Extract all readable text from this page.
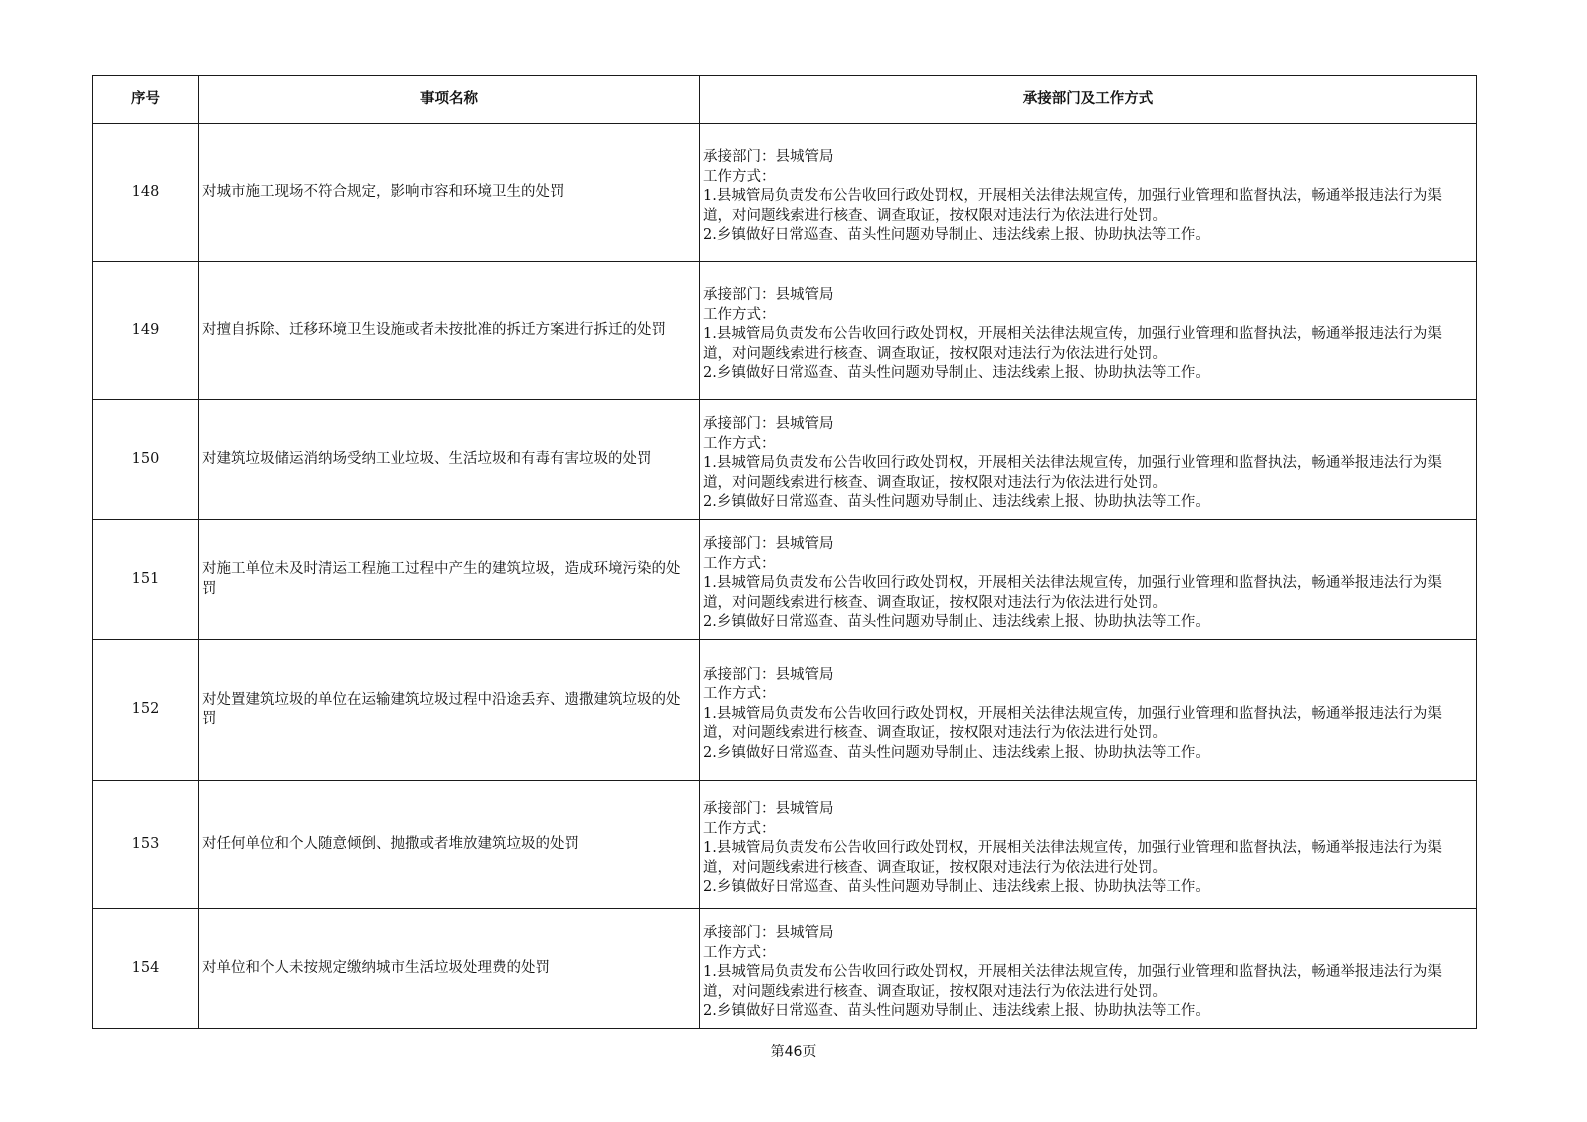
序号	事项名称	承接部门及工作方式
148	对城市施工现场不符合规定，影响市容和环境卫生的处罚	承接部门：县城管局
工作方式：
1.县城管局负责发布公告收回行政处罚权，开展相关法律法规宣传，加强行业管理和监督执法，畅通举报违法行为渠道，对问题线索进行核查、调查取证，按权限对违法行为依法进行处罚。
2.乡镇做好日常巡查、苗头性问题劝导制止、违法线索上报、协助执法等工作。

149	对擅自拆除、迁移环境卫生设施或者未按批准的拆迁方案进行拆迁的处罚	承接部门：县城管局
工作方式：
1.县城管局负责发布公告收回行政处罚权，开展相关法律法规宣传，加强行业管理和监督执法，畅通举报违法行为渠道，对问题线索进行核查、调查取证，按权限对违法行为依法进行处罚。
2.乡镇做好日常巡查、苗头性问题劝导制止、违法线索上报、协助执法等工作。

150	对建筑垃圾储运消纳场受纳工业垃圾、生活垃圾和有毒有害垃圾的处罚	承接部门：县城管局
工作方式：
1.县城管局负责发布公告收回行政处罚权，开展相关法律法规宣传，加强行业管理和监督执法，畅通举报违法行为渠道，对问题线索进行核查、调查取证，按权限对违法行为依法进行处罚。
2.乡镇做好日常巡查、苗头性问题劝导制止、违法线索上报、协助执法等工作。

151	对施工单位未及时清运工程施工过程中产生的建筑垃圾，造成环境污染的处罚	承接部门：县城管局
工作方式：
1.县城管局负责发布公告收回行政处罚权，开展相关法律法规宣传，加强行业管理和监督执法，畅通举报违法行为渠道，对问题线索进行核查、调查取证，按权限对违法行为依法进行处罚。
2.乡镇做好日常巡查、苗头性问题劝导制止、违法线索上报、协助执法等工作。

152	对处置建筑垃圾的单位在运输建筑垃圾过程中沿途丢弃、遗撒建筑垃圾的处罚	承接部门：县城管局
工作方式：
1.县城管局负责发布公告收回行政处罚权，开展相关法律法规宣传，加强行业管理和监督执法，畅通举报违法行为渠道，对问题线索进行核查、调查取证，按权限对违法行为依法进行处罚。
2.乡镇做好日常巡查、苗头性问题劝导制止、违法线索上报、协助执法等工作。

153	对任何单位和个人随意倾倒、抛撒或者堆放建筑垃圾的处罚	承接部门：县城管局
工作方式：
1.县城管局负责发布公告收回行政处罚权，开展相关法律法规宣传，加强行业管理和监督执法，畅通举报违法行为渠道，对问题线索进行核查、调查取证，按权限对违法行为依法进行处罚。
2.乡镇做好日常巡查、苗头性问题劝导制止、违法线索上报、协助执法等工作。

154	对单位和个人未按规定缴纳城市生活垃圾处理费的处罚	承接部门：县城管局
工作方式：
1.县城管局负责发布公告收回行政处罚权，开展相关法律法规宣传，加强行业管理和监督执法，畅通举报违法行为渠道，对问题线索进行核查、调查取证，按权限对违法行为依法进行处罚。
2.乡镇做好日常巡查、苗头性问题劝导制止、违法线索上报、协助执法等工作。
第46页
